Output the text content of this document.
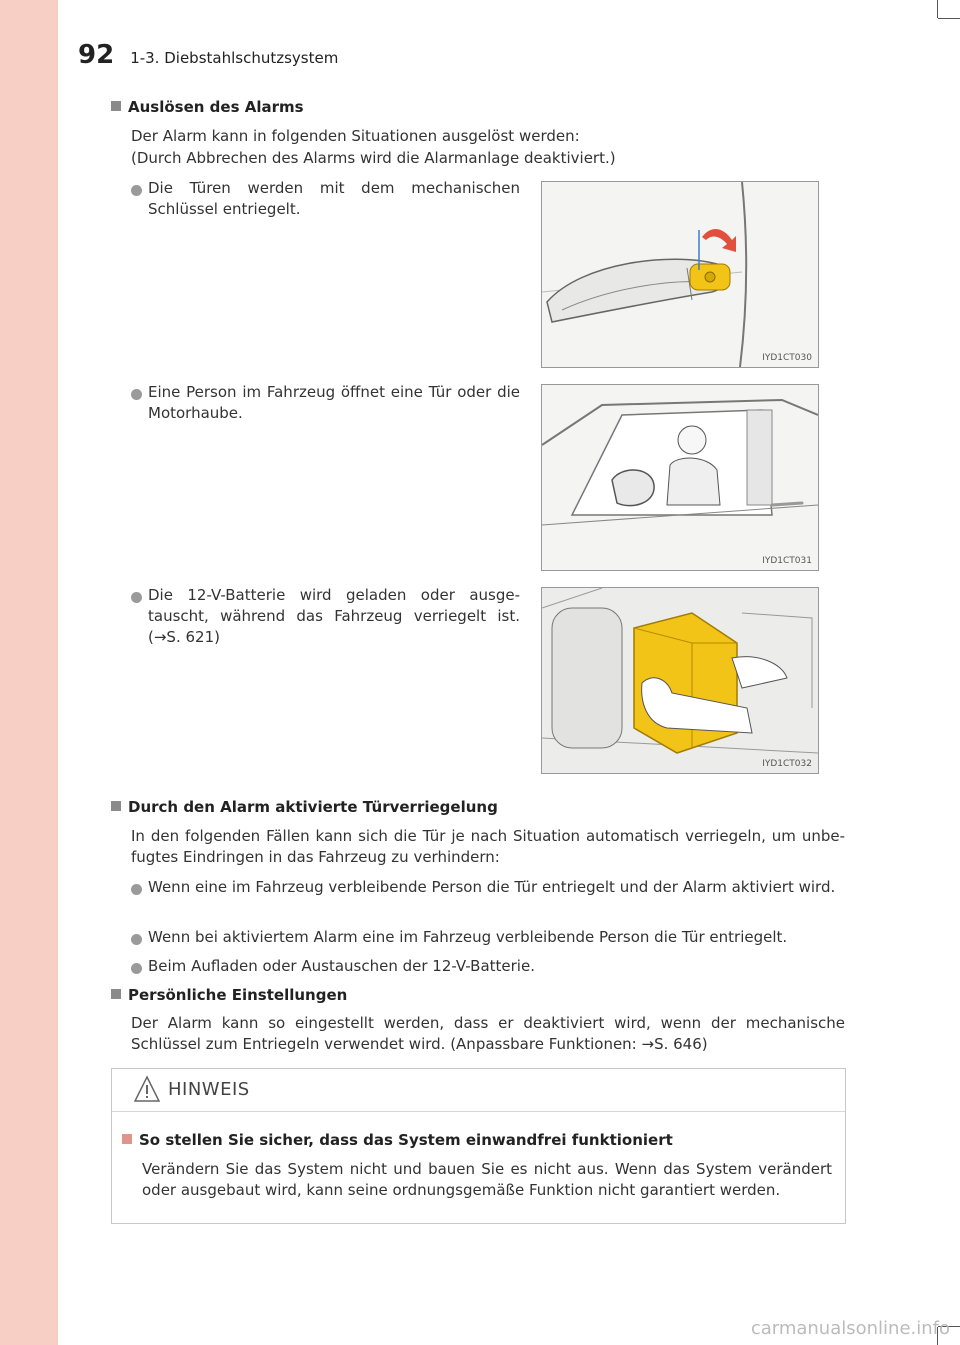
92 1-3. Diebstahlschutzsystem
Auslösen des Alarms
Der Alarm kann in folgenden Situationen ausgelöst werden:
(Durch Abbrechen des Alarms wird die Alarmanlage deaktiviert.)
Die Türen werden mit dem mechanischen Schlüssel entriegelt.
IYD1CT030
Eine Person im Fahrzeug öffnet eine Tür oder die Motorhaube.
IYD1CT031
Die 12-V-Batterie wird geladen oder ausge-tauscht, während das Fahrzeug verriegelt ist. (→S. 621)
IYD1CT032
Durch den Alarm aktivierte Türverriegelung
In den folgenden Fällen kann sich die Tür je nach Situation automatisch verriegeln, um unbe-fugtes Eindringen in das Fahrzeug zu verhindern:
Wenn eine im Fahrzeug verbleibende Person die Tür entriegelt und der Alarm aktiviert wird.
Wenn bei aktiviertem Alarm eine im Fahrzeug verbleibende Person die Tür entriegelt.
Beim Aufladen oder Austauschen der 12-V-Batterie.
Persönliche Einstellungen
Der Alarm kann so eingestellt werden, dass er deaktiviert wird, wenn der mechanische Schlüssel zum Entriegeln verwendet wird. (Anpassbare Funktionen: →S. 646)
HINWEIS
So stellen Sie sicher, dass das System einwandfrei funktioniert
Verändern Sie das System nicht und bauen Sie es nicht aus. Wenn das System verändert oder ausgebaut wird, kann seine ordnungsgemäße Funktion nicht garantiert werden.
carmanualsonline.info
